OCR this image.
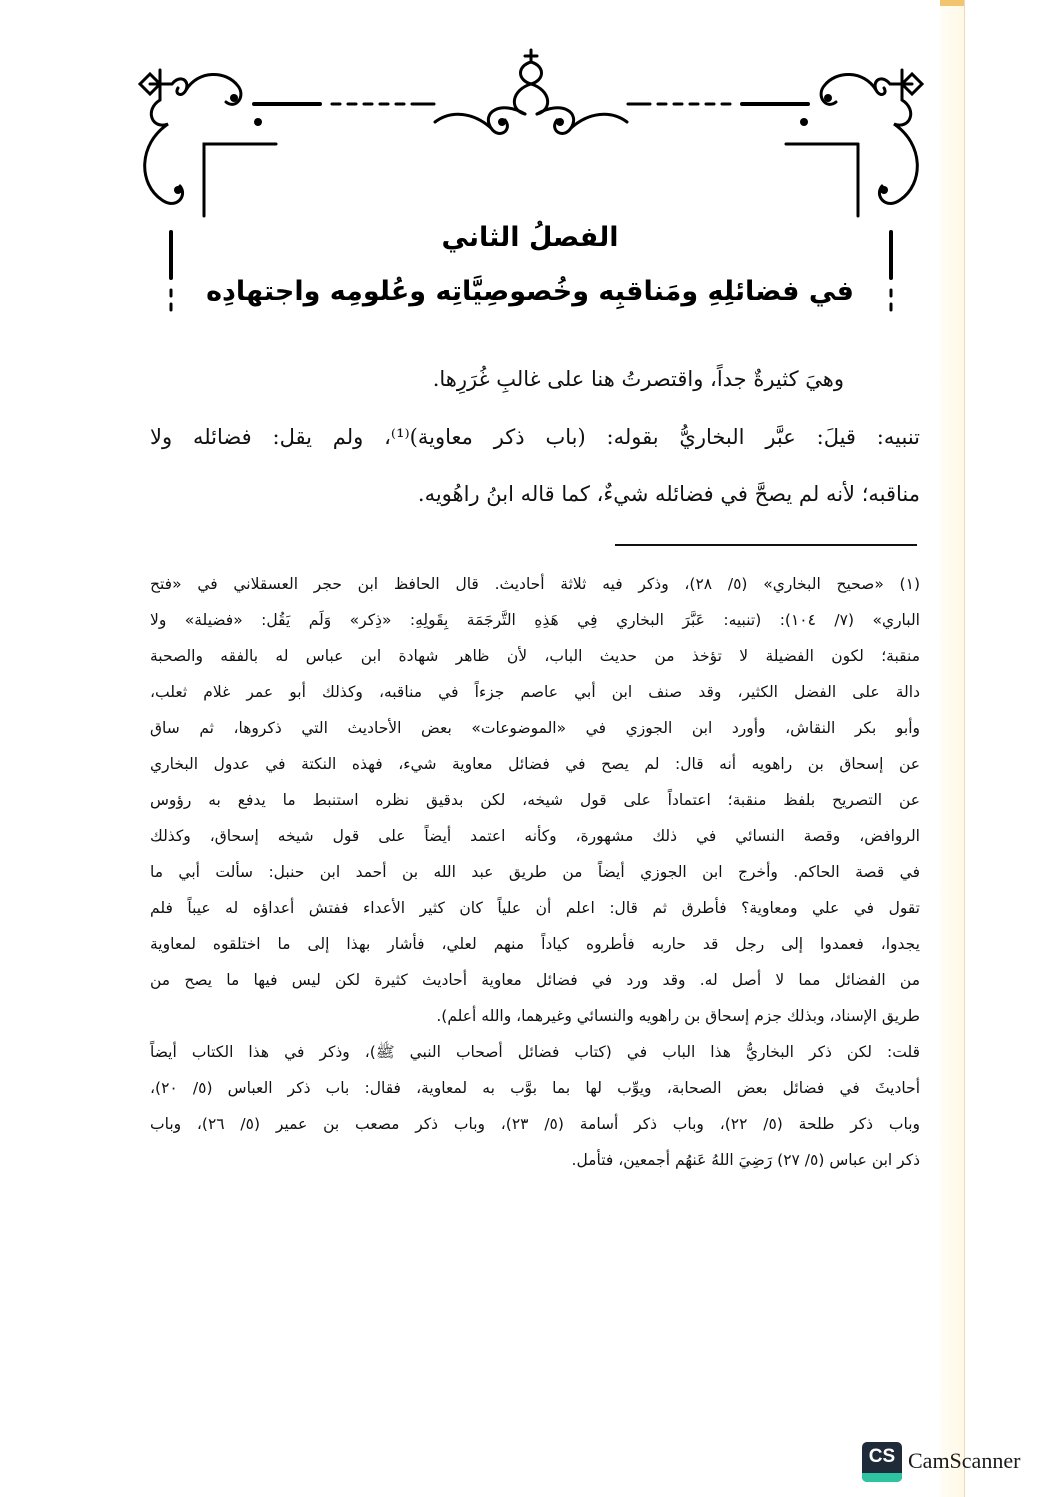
الفصلُ الثاني
في فضائلِهِ ومَناقبِه وخُصوصِيَّاتِه وعُلومِه واجتهادِه
وهيَ كثيرةٌ جداً، واقتصرتُ هنا على غالبِ غُرَرِها.
تنبيه: قيلَ: عبَّر البخاريُّ بقوله: (باب ذكر معاوية)⁽¹⁾، ولم يقل: فضائله ولا
مناقبه؛ لأنه لم يصحَّ في فضائله شيءٌ، كما قاله ابنُ راهُويه.
(١) «صحيح البخاري» (٥/ ٢٨)، وذكر فيه ثلاثة أحاديث. قال الحافظ ابن حجر العسقلاني في «فتح
الباري» (٧/ ١٠٤): (تنبيه: عَبَّرَ البخاري فِي هَذِهِ التَّرجَمَة بِقَولِهِ: «ذِكر» وَلَم يَقُل: «فضيلة» ولا
منقبة؛ لكون الفضيلة لا تؤخذ من حديث الباب، لأن ظاهر شهادة ابن عباس له بالفقه والصحبة
دالة على الفضل الكثير، وقد صنف ابن أبي عاصم جزءاً في مناقبه، وكذلك أبو عمر غلام ثعلب،
وأبو بكر النقاش، وأورد ابن الجوزي في «الموضوعات» بعض الأحاديث التي ذكروها، ثم ساق
عن إسحاق بن راهويه أنه قال: لم يصح في فضائل معاوية شيء، فهذه النكتة في عدول البخاري
عن التصريح بلفظ منقبة؛ اعتماداً على قول شيخه، لكن بدقيق نظره استنبط ما يدفع به رؤوس
الروافض، وقصة النسائي في ذلك مشهورة، وكأنه اعتمد أيضاً على قول شيخه إسحاق، وكذلك
في قصة الحاكم. وأخرج ابن الجوزي أيضاً من طريق عبد الله بن أحمد ابن حنبل: سألت أبي ما
تقول في علي ومعاوية؟ فأطرق ثم قال: اعلم أن علياً كان كثير الأعداء ففتش أعداؤه له عيباً فلم
يجدوا، فعمدوا إلى رجل قد حاربه فأطروه كياداً منهم لعلي، فأشار بهذا إلى ما اختلقوه لمعاوية
من الفضائل مما لا أصل له. وقد ورد في فضائل معاوية أحاديث كثيرة لكن ليس فيها ما يصح من
طريق الإسناد، وبذلك جزم إسحاق بن راهويه والنسائي وغيرهما، والله أعلم).
قلت: لكن ذكر البخاريُّ هذا الباب في (كتاب فضائل أصحاب النبي ﷺ)، وذكر في هذا الكتاب أيضاً
أحاديثَ في فضائل بعض الصحابة، ويوِّب لها بما بوَّب به لمعاوية، فقال: باب ذكر العباس (٥/ ٢٠)،
وباب ذكر طلحة (٥/ ٢٢)، وباب ذكر أسامة (٥/ ٢٣)، وباب ذكر مصعب بن عمير (٥/ ٢٦)، وباب
ذكر ابن عباس (٥/ ٢٧) رَضِيَ اللهُ عَنهُم أجمعين، فتأمل.
CS CamScanner
